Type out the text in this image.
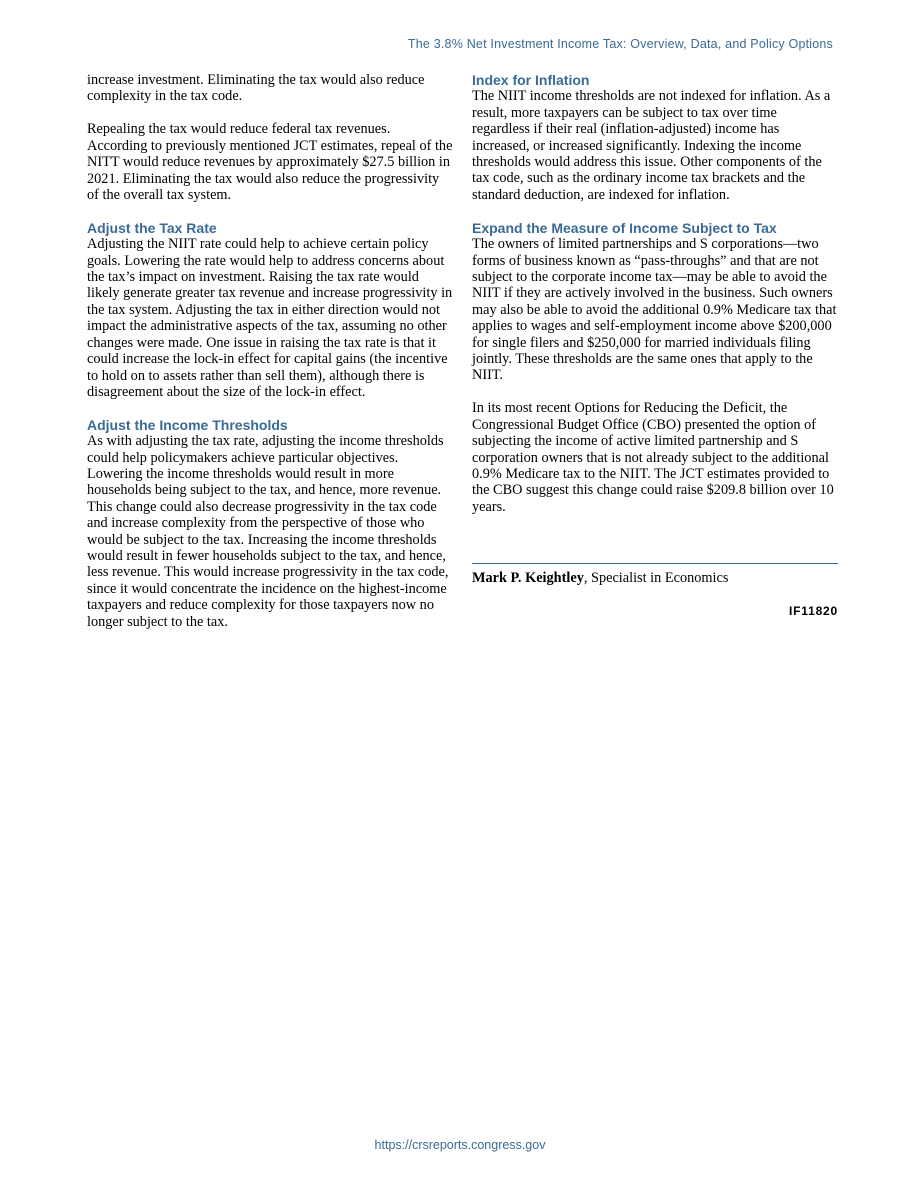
The 3.8% Net Investment Income Tax: Overview, Data, and Policy Options

increase investment. Eliminating the tax would also reduce complexity in the tax code.

Repealing the tax would reduce federal tax revenues. According to previously mentioned JCT estimates, repeal of the NITT would reduce revenues by approximately $27.5 billion in 2021. Eliminating the tax would also reduce the progressivity of the overall tax system.

Adjust the Tax Rate

Adjusting the NIIT rate could help to achieve certain policy goals. Lowering the rate would help to address concerns about the tax’s impact on investment. Raising the tax rate would likely generate greater tax revenue and increase progressivity in the tax system. Adjusting the tax in either direction would not impact the administrative aspects of the tax, assuming no other changes were made. One issue in raising the tax rate is that it could increase the lock-in effect for capital gains (the incentive to hold on to assets rather than sell them), although there is disagreement about the size of the lock-in effect.

Adjust the Income Thresholds

As with adjusting the tax rate, adjusting the income thresholds could help policymakers achieve particular objectives. Lowering the income thresholds would result in more households being subject to the tax, and hence, more revenue. This change could also decrease progressivity in the tax code and increase complexity from the perspective of those who would be subject to the tax. Increasing the income thresholds would result in fewer households subject to the tax, and hence, less revenue. This would increase progressivity in the tax code, since it would concentrate the incidence on the highest-income taxpayers and reduce complexity for those taxpayers now no longer subject to the tax.

Index for Inflation

The NIIT income thresholds are not indexed for inflation. As a result, more taxpayers can be subject to tax over time regardless if their real (inflation-adjusted) income has increased, or increased significantly. Indexing the income thresholds would address this issue. Other components of the tax code, such as the ordinary income tax brackets and the standard deduction, are indexed for inflation.

Expand the Measure of Income Subject to Tax

The owners of limited partnerships and S corporations—two forms of business known as “pass-throughs” and that are not subject to the corporate income tax—may be able to avoid the NIIT if they are actively involved in the business. Such owners may also be able to avoid the additional 0.9% Medicare tax that applies to wages and self-employment income above $200,000 for single filers and $250,000 for married individuals filing jointly. These thresholds are the same ones that apply to the NIIT.

In its most recent Options for Reducing the Deficit, the Congressional Budget Office (CBO) presented the option of subjecting the income of active limited partnership and S corporation owners that is not already subject to the additional 0.9% Medicare tax to the NIIT. The JCT estimates provided to the CBO suggest this change could raise $209.8 billion over 10 years.

Mark P. Keightley, Specialist in Economics

IF11820
https://crsreports.congress.gov
